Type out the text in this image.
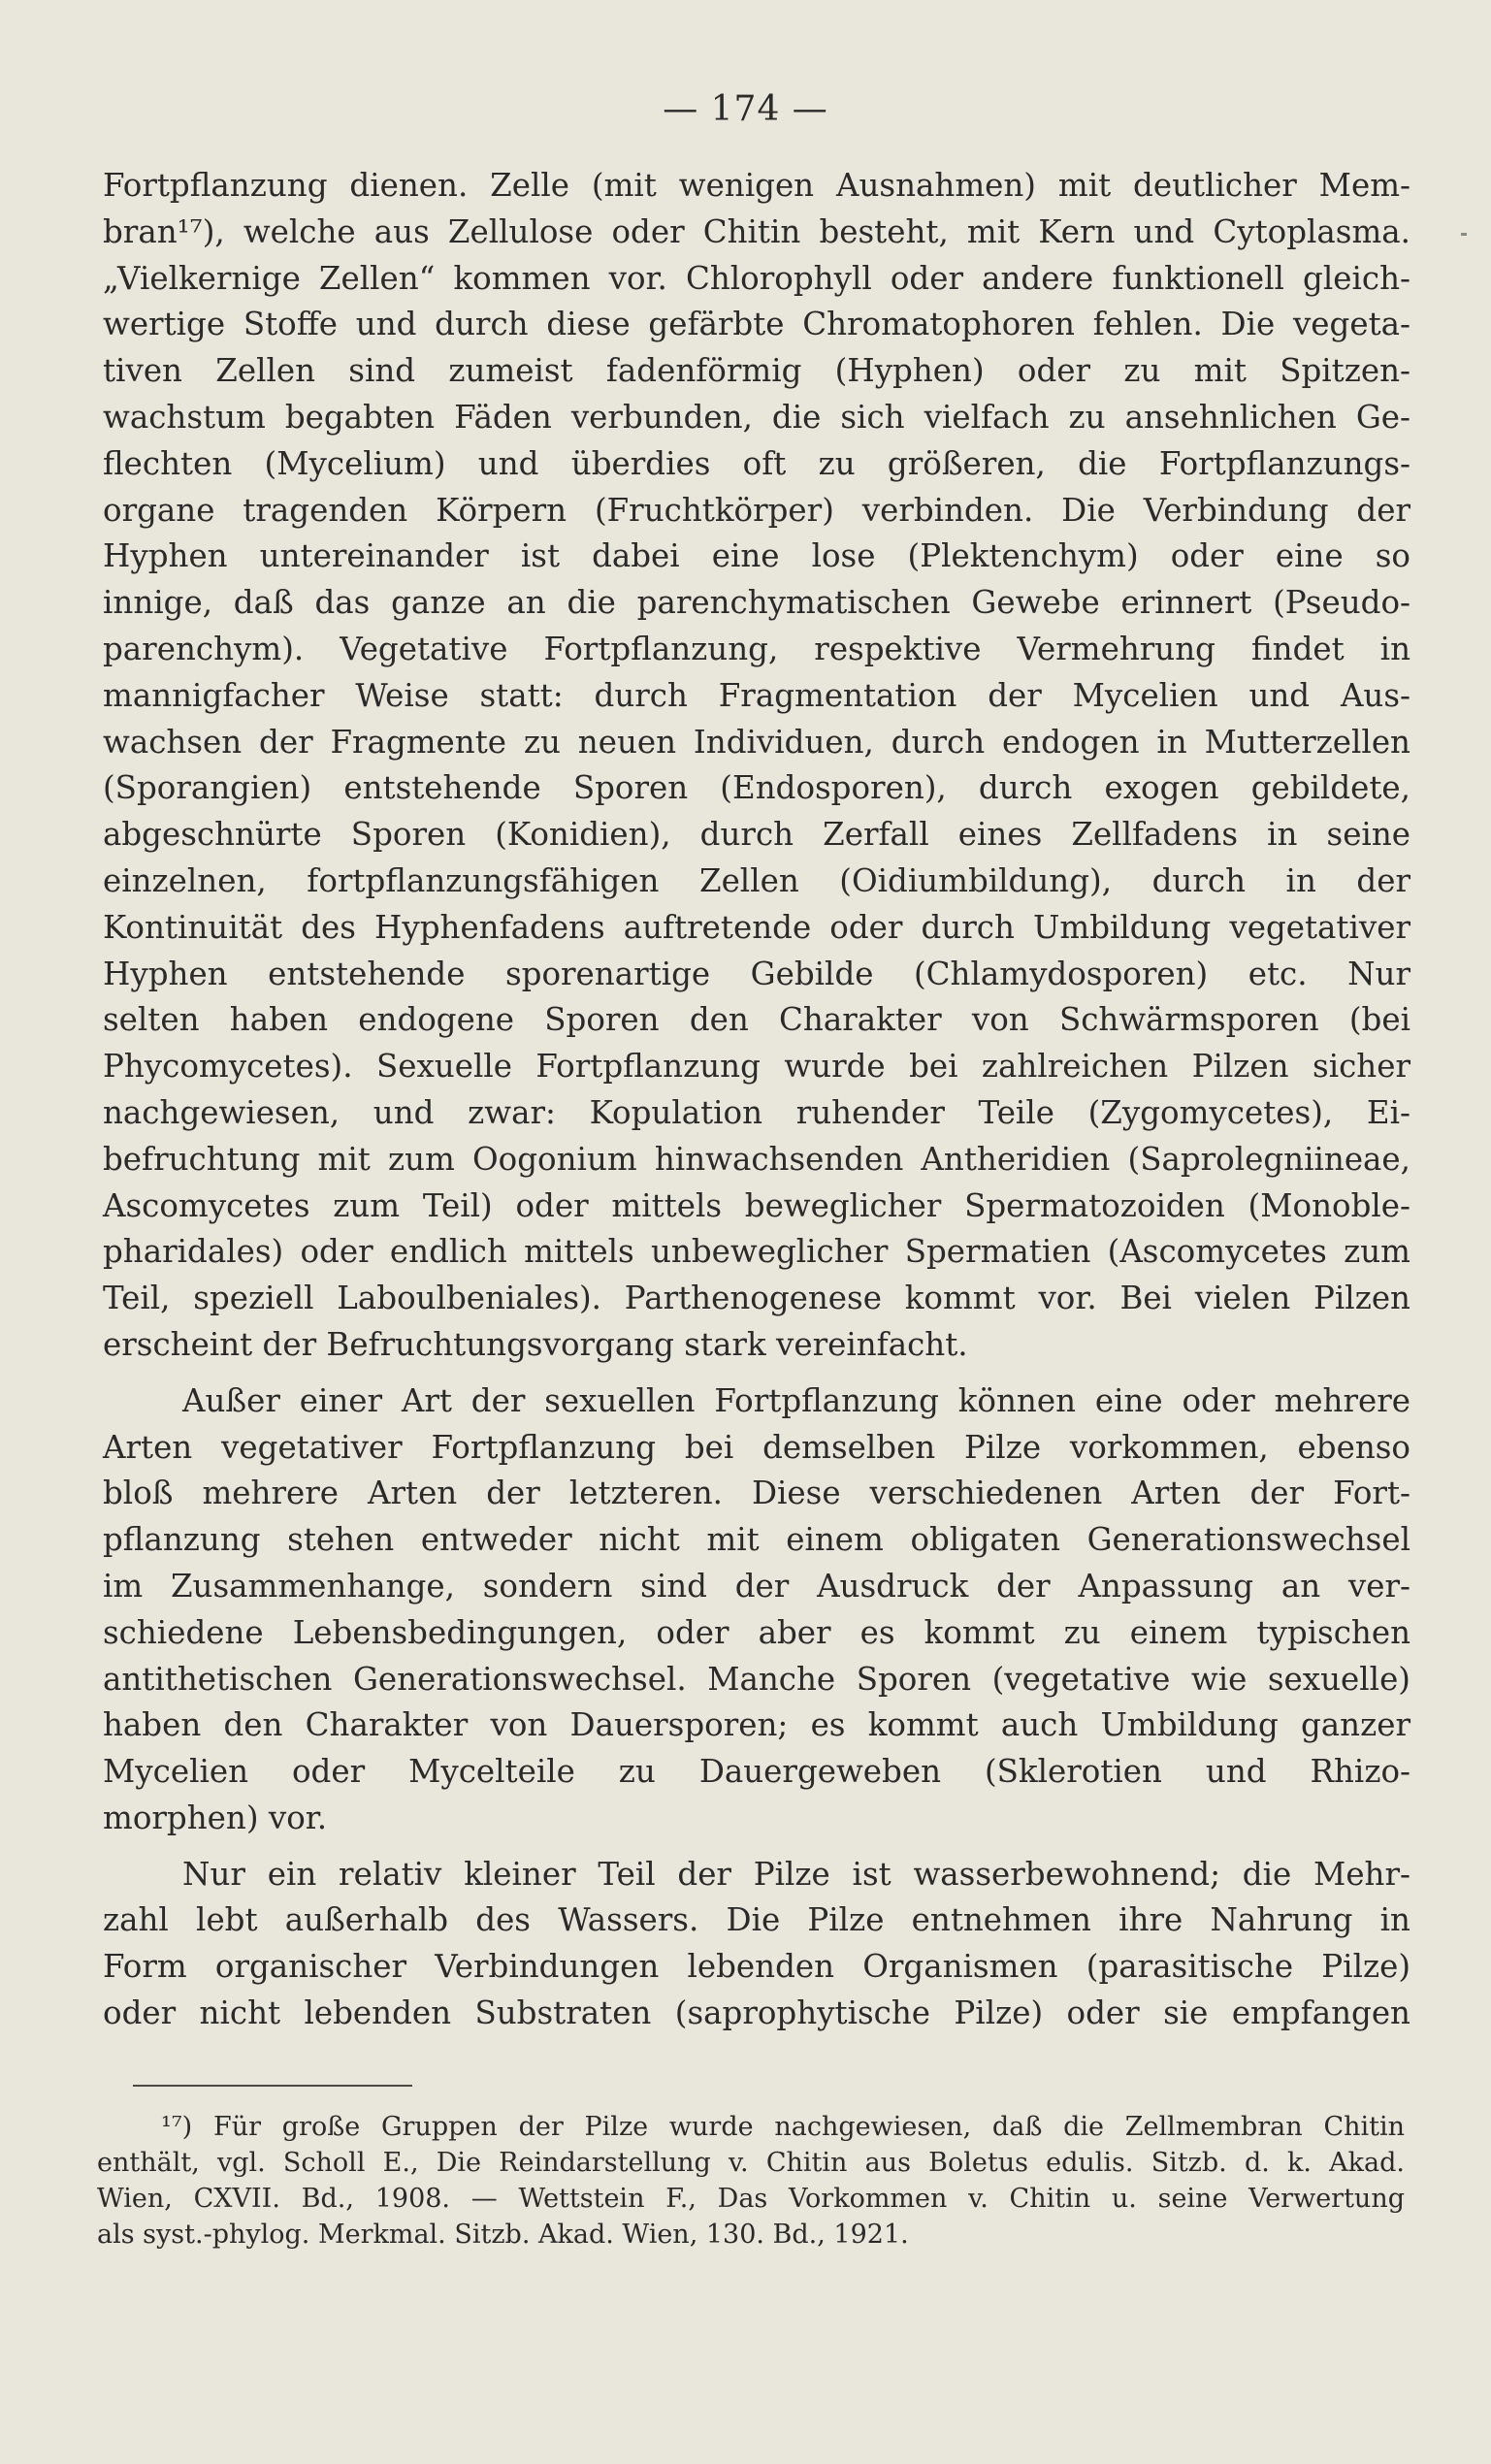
— 174 —
Fortpflanzung dienen. Zelle (mit wenigen Ausnahmen) mit deutlicher Mem-
bran¹⁷), welche aus Zellulose oder Chitin besteht, mit Kern und Cytoplasma.
„Vielkernige Zellen“ kommen vor. Chlorophyll oder andere funktionell gleich-
wertige Stoffe und durch diese gefärbte Chromatophoren fehlen. Die vegeta-
tiven Zellen sind zumeist fadenförmig (Hyphen) oder zu mit Spitzen-
wachstum begabten Fäden verbunden, die sich vielfach zu ansehnlichen Ge-
flechten (Mycelium) und überdies oft zu größeren, die Fortpflanzungs-
organe tragenden Körpern (Fruchtkörper) verbinden. Die Verbindung der
Hyphen untereinander ist dabei eine lose (Plektenchym) oder eine so
innige, daß das ganze an die parenchymatischen Gewebe erinnert (Pseudo-
parenchym). Vegetative Fortpflanzung, respektive Vermehrung findet in
mannigfacher Weise statt: durch Fragmentation der Mycelien und Aus-
wachsen der Fragmente zu neuen Individuen, durch endogen in Mutterzellen
(Sporangien) entstehende Sporen (Endosporen), durch exogen gebildete,
abgeschnürte Sporen (Konidien), durch Zerfall eines Zellfadens in seine
einzelnen, fortpflanzungsfähigen Zellen (Oidiumbildung), durch in der
Kontinuität des Hyphenfadens auftretende oder durch Umbildung vegetativer
Hyphen entstehende sporenartige Gebilde (Chlamydosporen) etc. Nur
selten haben endogene Sporen den Charakter von Schwärmsporen (bei
Phycomycetes). Sexuelle Fortpflanzung wurde bei zahlreichen Pilzen sicher
nachgewiesen, und zwar: Kopulation ruhender Teile (Zygomycetes), Ei-
befruchtung mit zum Oogonium hinwachsenden Antheridien (Saprolegniineae,
Ascomycetes zum Teil) oder mittels beweglicher Spermatozoiden (Monoble-
pharidales) oder endlich mittels unbeweglicher Spermatien (Ascomycetes zum
Teil, speziell Laboulbeniales). Parthenogenese kommt vor. Bei vielen Pilzen
erscheint der Befruchtungsvorgang stark vereinfacht.
Außer einer Art der sexuellen Fortpflanzung können eine oder mehrere
Arten vegetativer Fortpflanzung bei demselben Pilze vorkommen, ebenso
bloß mehrere Arten der letzteren. Diese verschiedenen Arten der Fort-
pflanzung stehen entweder nicht mit einem obligaten Generationswechsel
im Zusammenhange, sondern sind der Ausdruck der Anpassung an ver-
schiedene Lebensbedingungen, oder aber es kommt zu einem typischen
antithetischen Generationswechsel. Manche Sporen (vegetative wie sexuelle)
haben den Charakter von Dauersporen; es kommt auch Umbildung ganzer
Mycelien oder Mycelteile zu Dauergeweben (Sklerotien und Rhizo-
morphen) vor.
Nur ein relativ kleiner Teil der Pilze ist wasserbewohnend; die Mehr-
zahl lebt außerhalb des Wassers. Die Pilze entnehmen ihre Nahrung in
Form organischer Verbindungen lebenden Organismen (parasitische Pilze)
oder nicht lebenden Substraten (saprophytische Pilze) oder sie empfangen
¹⁷) Für große Gruppen der Pilze wurde nachgewiesen, daß die Zellmembran Chitin
enthält, vgl. Scholl E., Die Reindarstellung v. Chitin aus Boletus edulis. Sitzb. d. k. Akad.
Wien, CXVII. Bd., 1908. — Wettstein F., Das Vorkommen v. Chitin u. seine Verwertung
als syst.-phylog. Merkmal. Sitzb. Akad. Wien, 130. Bd., 1921.
